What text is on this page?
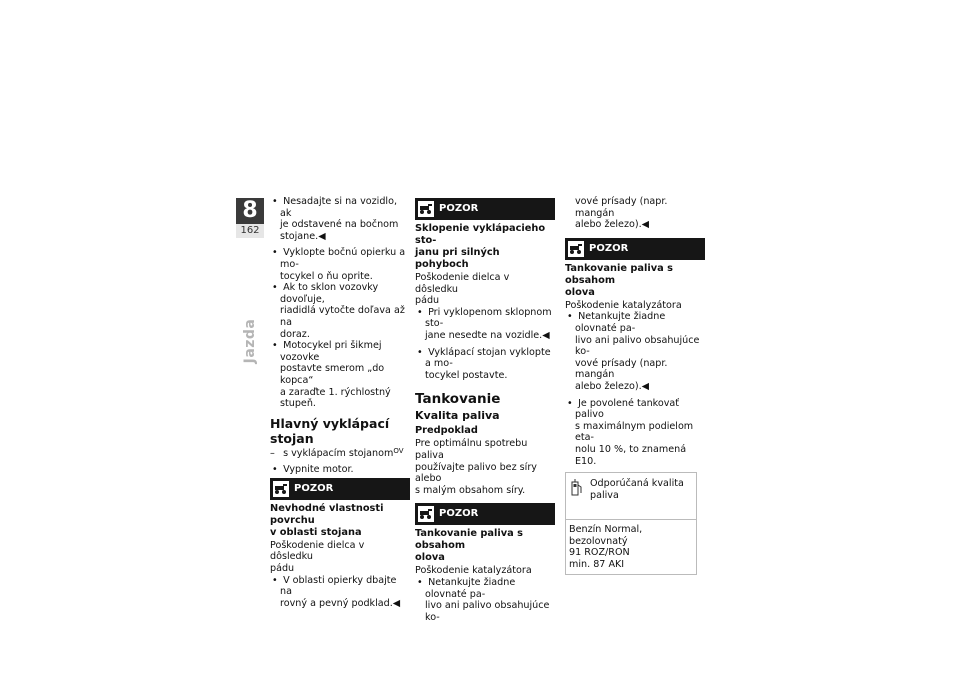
8
162
Jazda
• Nesadajte si na vozidlo, ak
je odstavené na bočnom
stojane.◀
• Vyklopte bočnú opierku a mo-
tocykel o ňu oprite.
• Ak to sklon vozovky dovoľuje,
riadidlá vytočte doľava až na
doraz.
• Motocykel pri šikmej vozovke
postavte smerom „do kopca“
a zaraďte 1. rýchlostný stupeň.
Hlavný vyklápací stojan
– s vyklápacím stojanom$^{OV}$
• Vypnite motor.
POZOR
Nevhodné vlastnosti povrchu
v oblasti stojana
Poškodenie dielca v dôsledku
pádu
• V oblasti opierky dbajte na
rovný a pevný podklad.◀
POZOR
Sklopenie vyklápacieho sto-
janu pri silných pohyboch
Poškodenie dielca v dôsledku
pádu
• Pri vyklopenom sklopnom sto-
jane nesedte na vozidle.◀
• Vyklápací stojan vyklopte a mo-
tocykel postavte.
Tankovanie
Kvalita paliva
Predpoklad
Pre optimálnu spotrebu paliva
používajte palivo bez síry alebo
s malým obsahom síry.
POZOR
Tankovanie paliva s obsahom
olova
Poškodenie katalyzátora
• Netankujte žiadne olovnaté pa-
livo ani palivo obsahujúce ko-
vové prísady (napr. mangán
alebo železo).◀
POZOR
Tankovanie paliva s obsahom
olova
Poškodenie katalyzátora
• Netankujte žiadne olovnaté pa-
livo ani palivo obsahujúce ko-
vové prísady (napr. mangán
alebo železo).◀
• Je povolené tankovať palivo
s maximálnym podielom eta-
nolu 10 %, to znamená E10.
Odporúčaná kvalita paliva
Benzín Normal, bezolovnatý
91 ROZ/RON
min. 87 AKI
